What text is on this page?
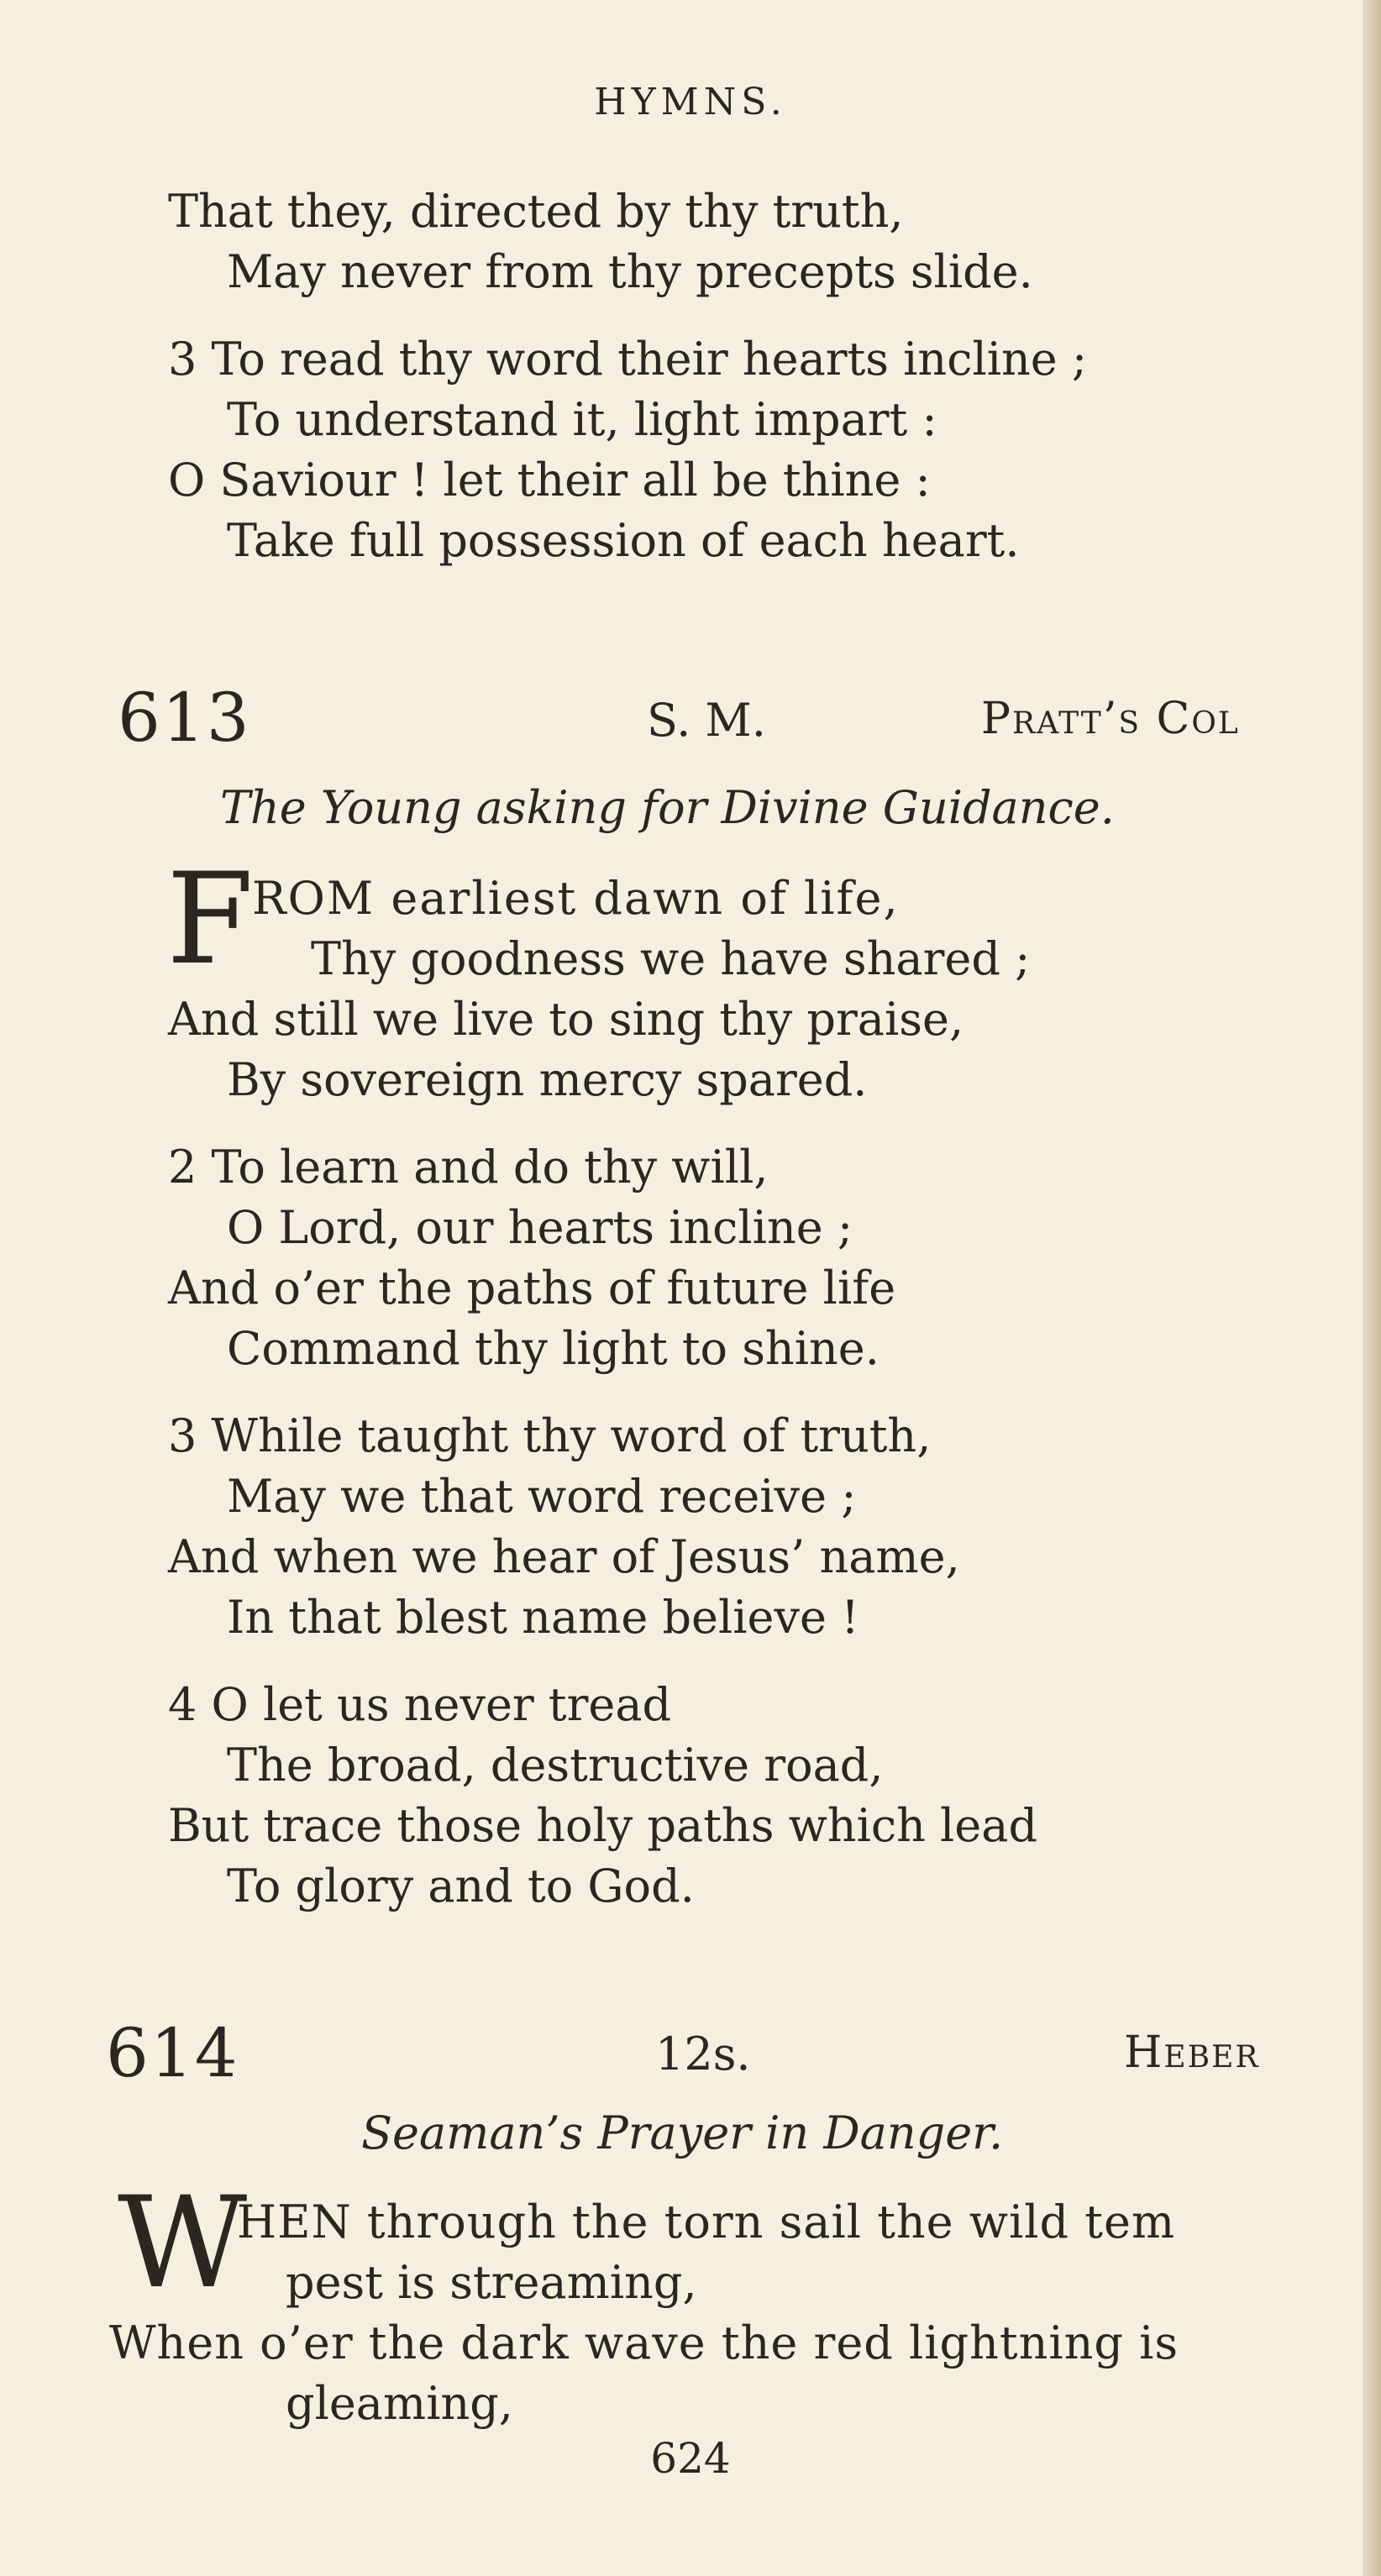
HYMNS.
That they, directed by thy truth,
May never from thy precepts slide.
3 To read thy word their hearts incline ;
To understand it, light impart :
O Saviour ! let their all be thine :
Take full possession of each heart.
613	S. M.	Pratt’s Col
The Young asking for Divine Guidance.
F
ROM earliest dawn of life,
Thy goodness we have shared ;
And still we live to sing thy praise,
By sovereign mercy spared.
2 To learn and do thy will,
O Lord, our hearts incline ;
And o’er the paths of future life
Command thy light to shine.
3 While taught thy word of truth,
May we that word receive ;
And when we hear of Jesus’ name,
In that blest name believe !
4 O let us never tread
The broad, destructive road,
But trace those holy paths which lead
To glory and to God.
614	12s.	Heber
Seaman’s Prayer in Danger.
W
HEN through the torn sail the wild tem
pest is streaming,
When o’er the dark wave the red lightning is
gleaming,
624
